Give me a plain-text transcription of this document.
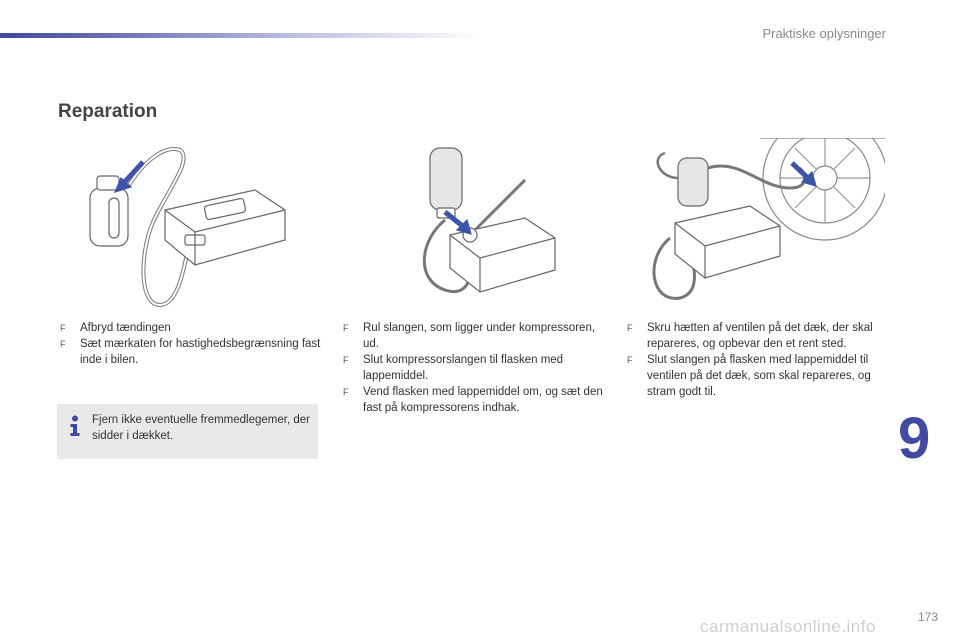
Praktiske oplysninger
Reparation
F Afbryd tændingen
F Sæt mærkaten for hastighedsbegrænsning fast inde i bilen.
F Rul slangen, som ligger under kompressoren, ud.
F Slut kompressorslangen til flasken med lappemiddel.
F Vend flasken med lappemiddel om, og sæt den fast på kompressorens indhak.
F Skru hætten af ventilen på det dæk, der skal repareres, og opbevar den et rent sted.
F Slut slangen på flasken med lappemiddel til ventilen på det dæk, som skal repareres, og stram godt til.
Fjern ikke eventuelle fremmedlegemer, der sidder i dækket.	9
173
carmanualsonline.info
